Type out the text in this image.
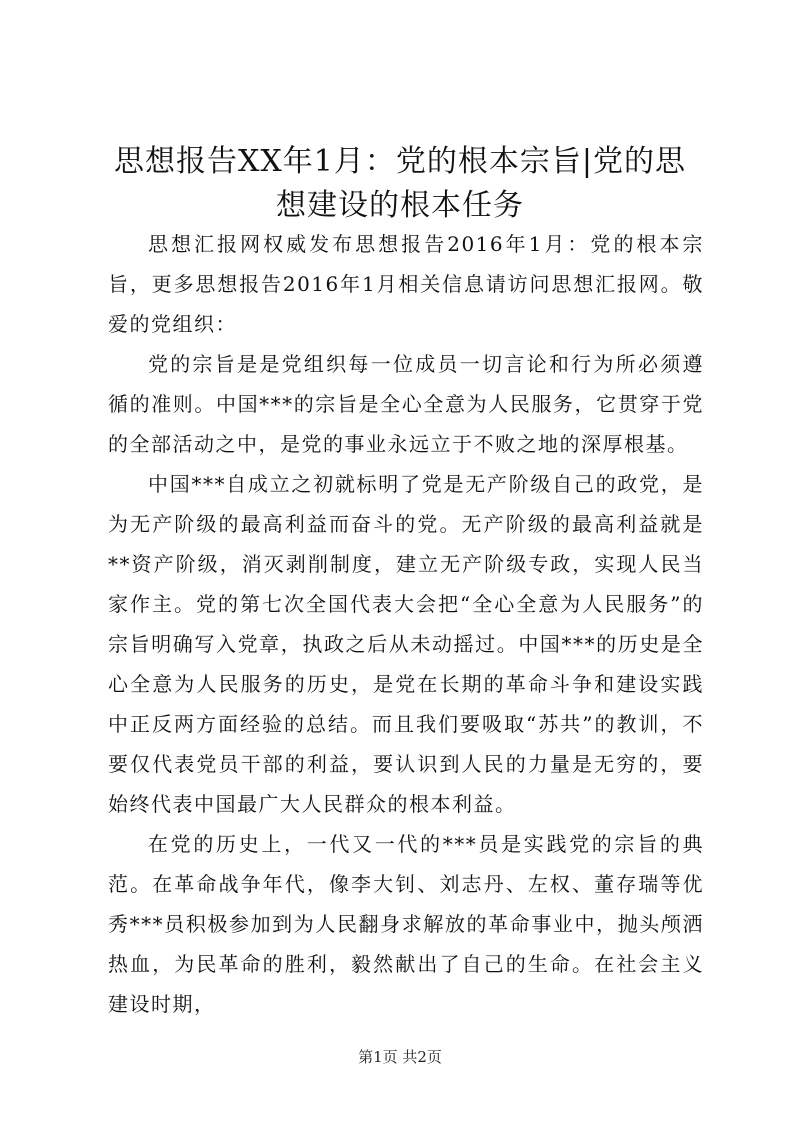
思想报告XX年1月：党的根本宗旨|党的思想建设的根本任务

思想汇报网权威发布思想报告2016年1月：党的根本宗旨，更多思想报告2016年1月相关信息请访问思想汇报网。敬爱的党组织：

党的宗旨是是党组织每一位成员一切言论和行为所必须遵循的准则。中国***的宗旨是全心全意为人民服务，它贯穿于党的全部活动之中，是党的事业永远立于不败之地的深厚根基。

中国***自成立之初就标明了党是无产阶级自己的政党，是为无产阶级的最高利益而奋斗的党。无产阶级的最高利益就是**资产阶级，消灭剥削制度，建立无产阶级专政，实现人民当家作主。党的第七次全国代表大会把“全心全意为人民服务”的宗旨明确写入党章，执政之后从未动摇过。中国***的历史是全心全意为人民服务的历史，是党在长期的革命斗争和建设实践中正反两方面经验的总结。而且我们要吸取“苏共”的教训，不要仅代表党员干部的利益，要认识到人民的力量是无穷的，要始终代表中国最广大人民群众的根本利益。

在党的历史上，一代又一代的***员是实践党的宗旨的典范。在革命战争年代，像李大钊、刘志丹、左权、董存瑞等优秀***员积极参加到为人民翻身求解放的革命事业中，抛头颅洒热血，为民革命的胜利，毅然献出了自己的生命。在社会主义建设时期，

第1页 共2页
